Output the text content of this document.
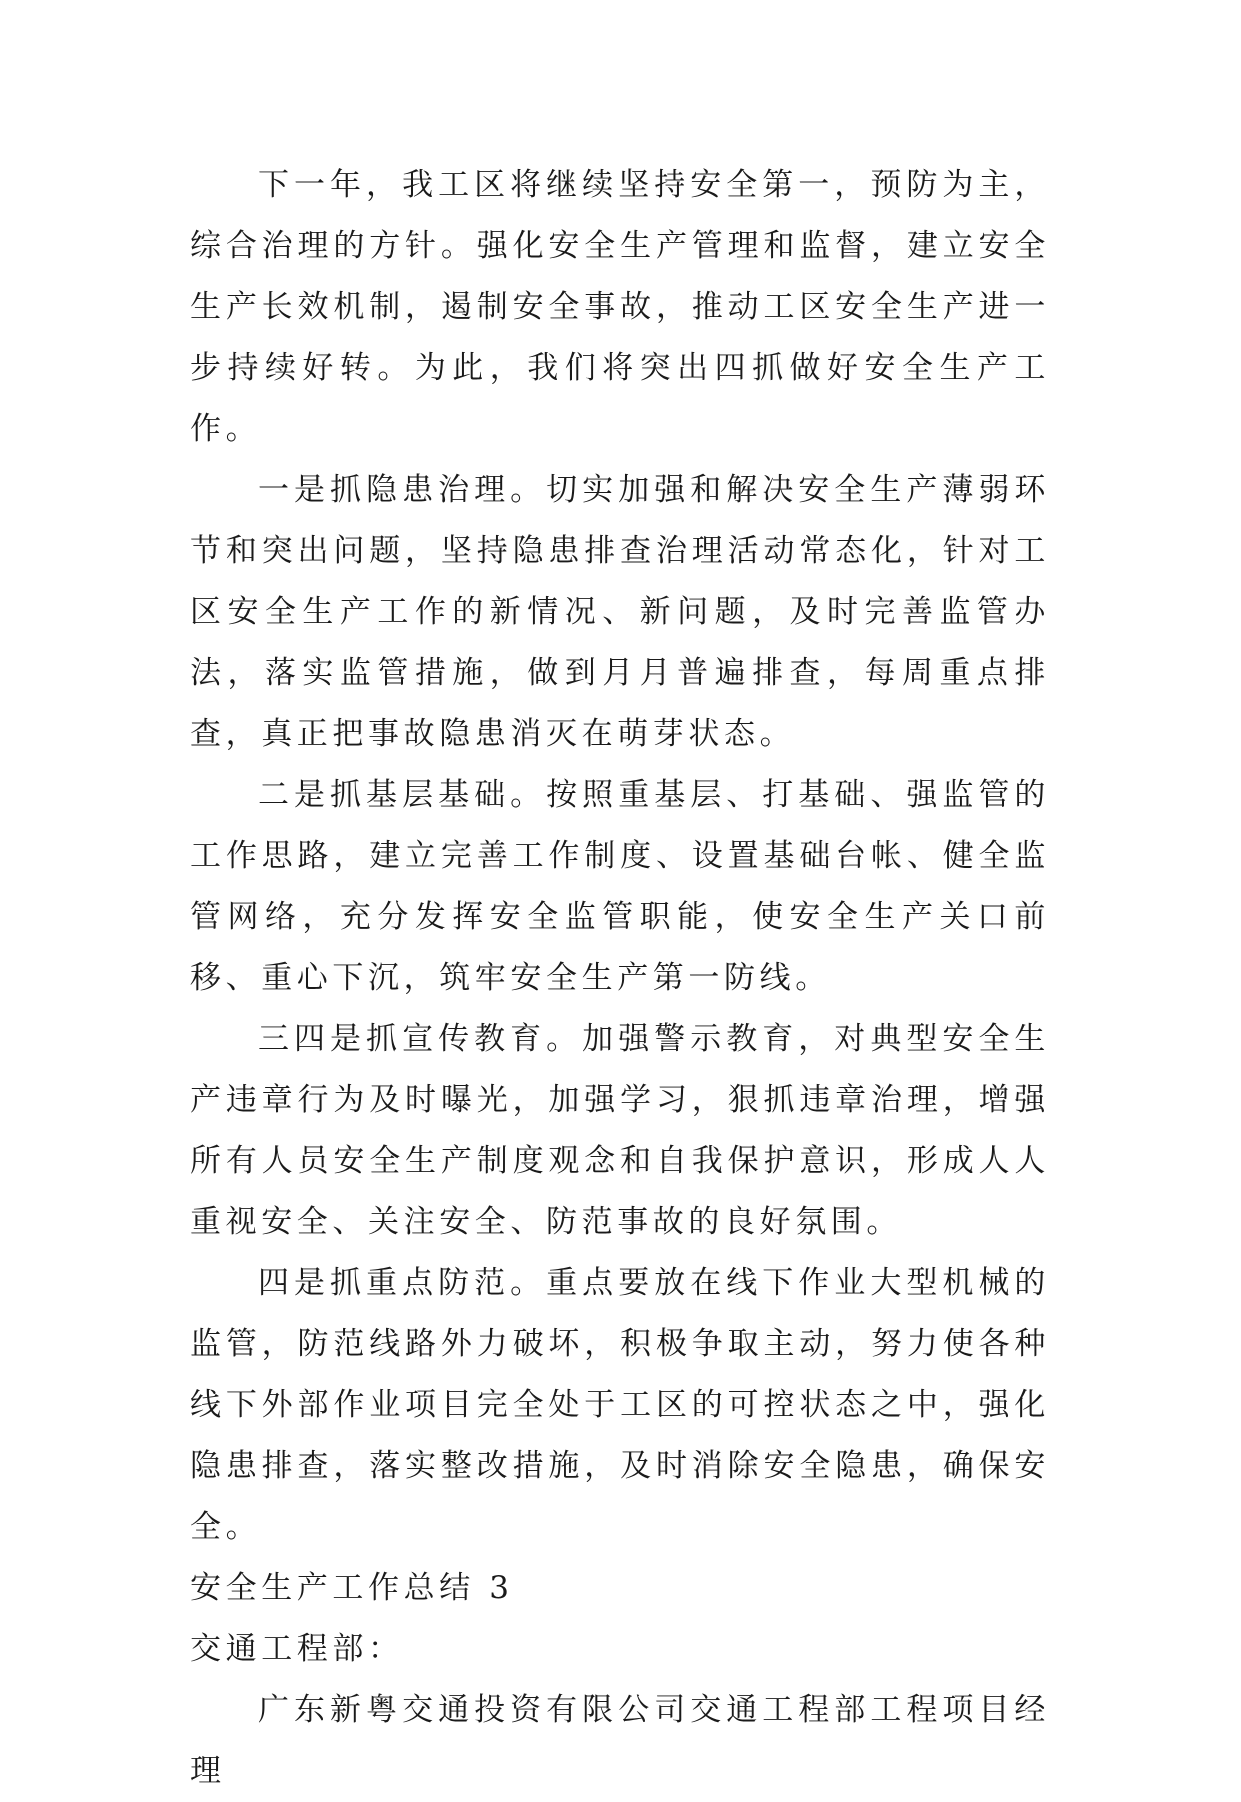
下一年，我工区将继续坚持安全第一，预防为主，综合治理的方针。强化安全生产管理和监督，建立安全生产长效机制，遏制安全事故，推动工区安全生产进一步持续好转。为此，我们将突出四抓做好安全生产工作。

一是抓隐患治理。切实加强和解决安全生产薄弱环节和突出问题，坚持隐患排查治理活动常态化，针对工区安全生产工作的新情况、新问题，及时完善监管办法，落实监管措施，做到月月普遍排查，每周重点排查，真正把事故隐患消灭在萌芽状态。

二是抓基层基础。按照重基层、打基础、强监管的工作思路，建立完善工作制度、设置基础台帐、健全监管网络，充分发挥安全监管职能，使安全生产关口前移、重心下沉，筑牢安全生产第一防线。

三四是抓宣传教育。加强警示教育，对典型安全生产违章行为及时曝光，加强学习，狠抓违章治理，增强所有人员安全生产制度观念和自我保护意识，形成人人重视安全、关注安全、防范事故的良好氛围。

四是抓重点防范。重点要放在线下作业大型机械的监管，防范线路外力破坏，积极争取主动，努力使各种线下外部作业项目完全处于工区的可控状态之中，强化隐患排查，落实整改措施，及时消除安全隐患，确保安全。

安全生产工作总结 3

交通工程部：

广东新粤交通投资有限公司交通工程部工程项目经理
